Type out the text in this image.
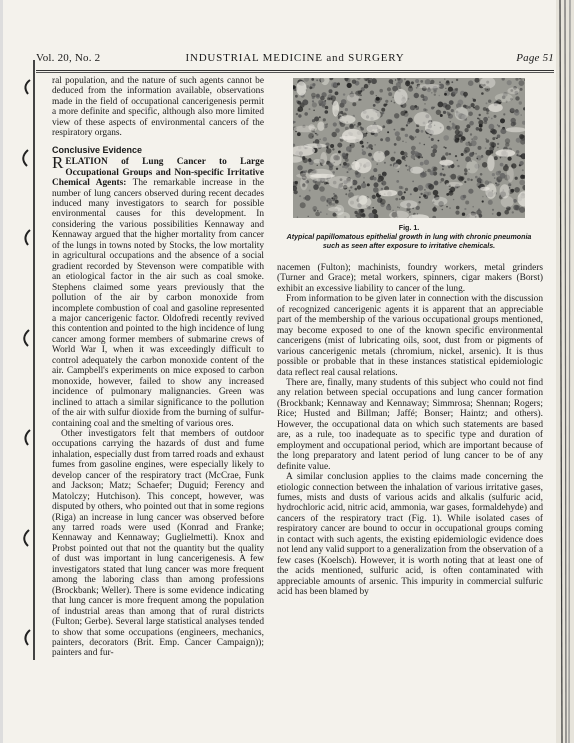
Vol. 20, No. 2	INDUSTRIAL MEDICINE and SURGERY	Page 51

ral population, and the nature of such agents cannot be deduced from the information available, observations made in the field of occupational cancerigenesis permit a more definite and specific, although also more limited view of these aspects of environmental cancers of the respiratory organs.

Conclusive Evidence

RELATION of Lung Cancer to Large Occupational Groups and Non-specific Irritative Chemical Agents: The remarkable increase in the number of lung cancers observed during recent decades induced many investigators to search for possible environmental causes for this development. In considering the various possibilities Kennaway and Kennaway argued that the higher mortality from cancer of the lungs in towns noted by Stocks, the low mortality in agricultural occupations and the absence of a social gradient recorded by Stevenson were compatible with an etiological factor in the air such as coal smoke. Stephens claimed some years previously that the pollution of the air by carbon monoxide from incomplete combustion of coal and gasoline represented a major cancerigenic factor. Oldofredi recently revived this contention and pointed to the high incidence of lung cancer among former members of submarine crews of World War I, when it was exceedingly difficult to control adequately the carbon monoxide content of the air. Campbell's experiments on mice exposed to carbon monoxide, however, failed to show any increased incidence of pulmonary malignancies. Green was inclined to attach a similar significance to the pollution of the air with sulfur dioxide from the burning of sulfur-containing coal and the smelting of various ores.

Other investigators felt that members of outdoor occupations carrying the hazards of dust and fume inhalation, especially dust from tarred roads and exhaust fumes from gasoline engines, were especially likely to develop cancer of the respiratory tract (McCrae, Funk and Jackson; Matz; Schaefer; Duguid; Ferency and Matolczy; Hutchison). This concept, however, was disputed by others, who pointed out that in some regions (Riga) an increase in lung cancer was observed before any tarred roads were used (Konrad and Franke; Kennaway and Kennaway; Guglielmetti). Knox and Probst pointed out that not the quantity but the quality of dust was important in lung cancerigenesis. A few investigators stated that lung cancer was more frequent among the laboring class than among professions (Brockbank; Weller). There is some evidence indicating that lung cancer is more frequent among the population of industrial areas than among that of rural districts (Fulton; Gerbe). Several large statistical analyses tended to show that some occupations (engineers, mechanics, painters, decorators (Brit. Emp. Cancer Campaign)); painters and fur-

Fig. 1.
Atypical papillomatous epithelial growth in lung with chronic pneumonia such as seen after exposure to irritative chemicals.

nacemen (Fulton); machinists, foundry workers, metal grinders (Turner and Grace); metal workers, spinners, cigar makers (Borst) exhibit an excessive liability to cancer of the lung.

From information to be given later in connection with the discussion of recognized cancerigenic agents it is apparent that an appreciable part of the membership of the various occupational groups mentioned, may become exposed to one of the known specific environmental cancerigens (mist of lubricating oils, soot, dust from or pigments of various cancerigenic metals (chromium, nickel, arsenic). It is thus possible or probable that in these instances statistical epidemiologic data reflect real causal relations.

There are, finally, many students of this subject who could not find any relation between special occupations and lung cancer formation (Brockbank; Kennaway and Kennaway; Simmrosa; Shennan; Rogers; Rice; Husted and Billman; Jaffé; Bonser; Haintz; and others). However, the occupational data on which such statements are based are, as a rule, too inadequate as to specific type and duration of employment and occupational period, which are important because of the long preparatory and latent period of lung cancer to be of any definite value.

A similar conclusion applies to the claims made concerning the etiologic connection between the inhalation of various irritative gases, fumes, mists and dusts of various acids and alkalis (sulfuric acid, hydrochloric acid, nitric acid, ammonia, war gases, formaldehyde) and cancers of the respiratory tract (Fig. 1). While isolated cases of respiratory cancer are bound to occur in occupational groups coming in contact with such agents, the existing epidemiologic evidence does not lend any valid support to a generalization from the observation of a few cases (Koelsch). However, it is worth noting that at least one of the acids mentioned, sulfuric acid, is often contaminated with appreciable amounts of arsenic. This impurity in commercial sulfuric acid has been blamed by
